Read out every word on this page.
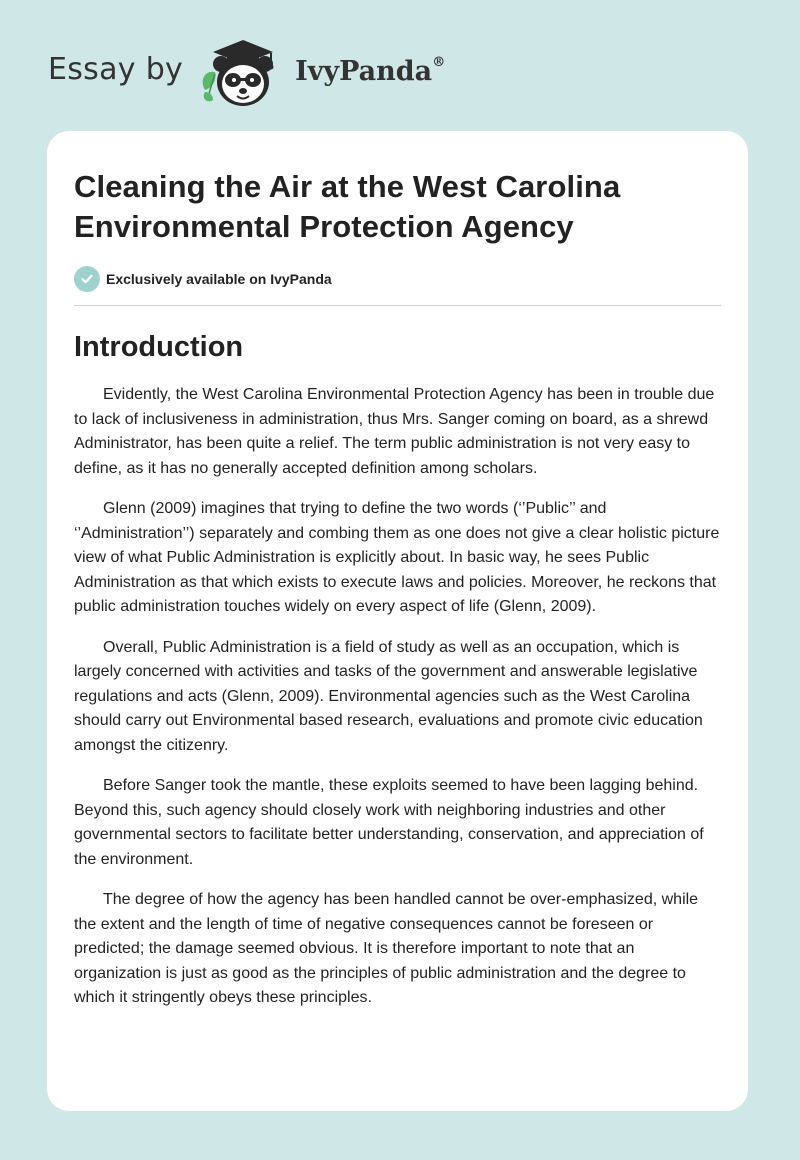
Essay by	IvyPanda®
Cleaning the Air at the West Carolina Environmental Protection Agency
Exclusively available on IvyPanda
Introduction

Evidently, the West Carolina Environmental Protection Agency has been in trouble due to lack of inclusiveness in administration, thus Mrs. Sanger coming on board, as a shrewd Administrator, has been quite a relief. The term public administration is not very easy to define, as it has no generally accepted definition among scholars.

Glenn (2009) imagines that trying to define the two words (‘’Public’’ and ‘’Administration’’) separately and combing them as one does not give a clear holistic picture view of what Public Administration is explicitly about. In basic way, he sees Public Administration as that which exists to execute laws and policies. Moreover, he reckons that public administration touches widely on every aspect of life (Glenn, 2009).

Overall, Public Administration is a field of study as well as an occupation, which is largely concerned with activities and tasks of the government and answerable legislative regulations and acts (Glenn, 2009). Environmental agencies such as the West Carolina should carry out Environmental based research, evaluations and promote civic education amongst the citizenry.

Before Sanger took the mantle, these exploits seemed to have been lagging behind. Beyond this, such agency should closely work with neighboring industries and other governmental sectors to facilitate better understanding, conservation, and appreciation of the environment.

The degree of how the agency has been handled cannot be over-emphasized, while the extent and the length of time of negative consequences cannot be foreseen or predicted; the damage seemed obvious. It is therefore important to note that an organization is just as good as the principles of public administration and the degree to which it stringently obeys these principles.
